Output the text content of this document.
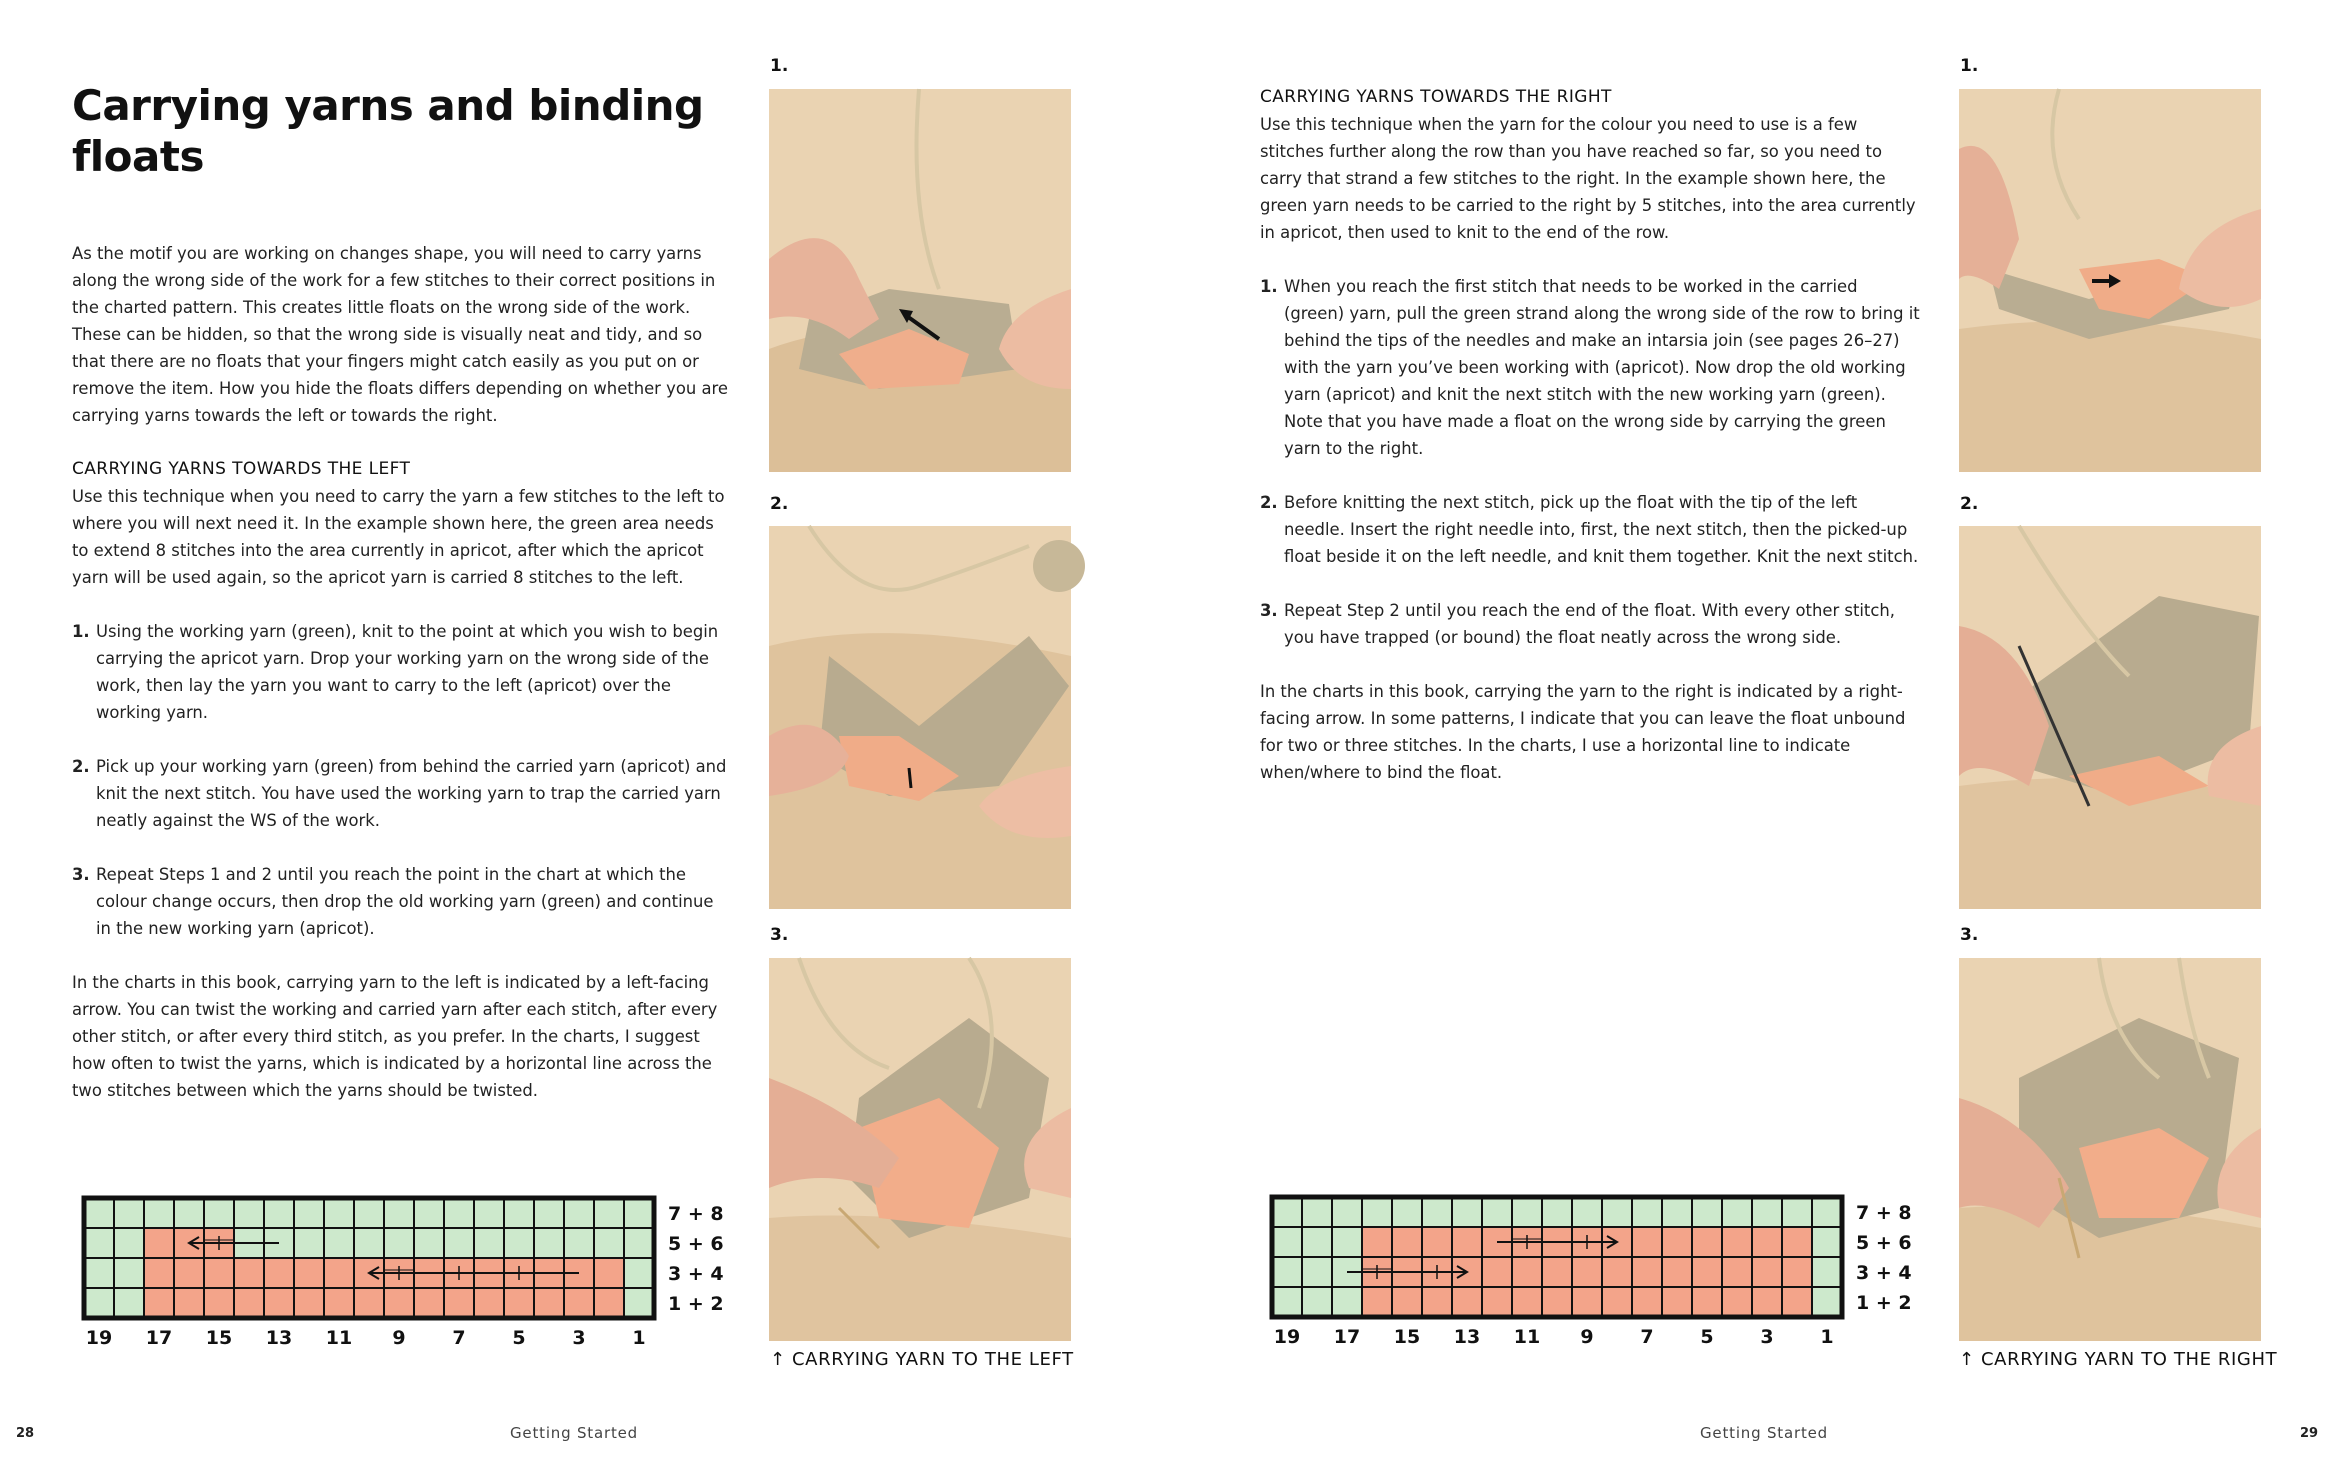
Carrying yarns and binding floats

As the motif you are working on changes shape, you will need to carry yarns along the wrong side of the work for a few stitches to their correct positions in the charted pattern. This creates little floats on the wrong side of the work. These can be hidden, so that the wrong side is visually neat and tidy, and so that there are no floats that your fingers might catch easily as you put on or remove the item. How you hide the floats differs depending on whether you are carrying yarns towards the left or towards the right.

CARRYING YARNS TOWARDS THE LEFT

Use this technique when you need to carry the yarn a few stitches to the left to where you will next need it. In the example shown here, the green area needs to extend 8 stitches into the area currently in apricot, after which the apricot yarn will be used again, so the apricot yarn is carried 8 stitches to the left.

1. Using the working yarn (green), knit to the point at which you wish to begin carrying the apricot yarn. Drop your working yarn on the wrong side of the work, then lay the yarn you want to carry to the left (apricot) over the working yarn.

2. Pick up your working yarn (green) from behind the carried yarn (apricot) and knit the next stitch. You have used the working yarn to trap the carried yarn neatly against the WS of the work.

3. Repeat Steps 1 and 2 until you reach the point in the chart at which the colour change occurs, then drop the old working yarn (green) and continue in the new working yarn (apricot).

In the charts in this book, carrying yarn to the left is indicated by a left-facing arrow. You can twist the working and carried yarn after each stitch, after every other stitch, or after every third stitch, as you prefer. In the charts, I suggest how often to twist the yarns, which is indicated by a horizontal line across the two stitches between which the yarns should be twisted.

7 + 8
5 + 6
3 + 4
1 + 2
19 17 15 13 11 9 7 5 3 1
1.
2.
3.
↑ CARRYING YARN TO THE LEFT
28	Getting Started

CARRYING YARNS TOWARDS THE RIGHT

Use this technique when the yarn for the colour you need to use is a few stitches further along the row than you have reached so far, so you need to carry that strand a few stitches to the right. In the example shown here, the green yarn needs to be carried to the right by 5 stitches, into the area currently in apricot, then used to knit to the end of the row.

1. When you reach the first stitch that needs to be worked in the carried (green) yarn, pull the green strand along the wrong side of the row to bring it behind the tips of the needles and make an intarsia join (see pages 26–27) with the yarn you’ve been working with (apricot). Now drop the old working yarn (apricot) and knit the next stitch with the new working yarn (green). Note that you have made a float on the wrong side by carrying the green yarn to the right.

2. Before knitting the next stitch, pick up the float with the tip of the left needle. Insert the right needle into, first, the next stitch, then the picked-up float beside it on the left needle, and knit them together. Knit the next stitch.

3. Repeat Step 2 until you reach the end of the float. With every other stitch, you have trapped (or bound) the float neatly across the wrong side.

In the charts in this book, carrying the yarn to the right is indicated by a right-facing arrow. In some patterns, I indicate that you can leave the float unbound for two or three stitches. In the charts, I use a horizontal line to indicate when/where to bind the float.

7 + 8
5 + 6
3 + 4
1 + 2
19 17 15 13 11 9 7 5 3 1
1.
2.
3.
↑ CARRYING YARN TO THE RIGHT
Getting Started	29
